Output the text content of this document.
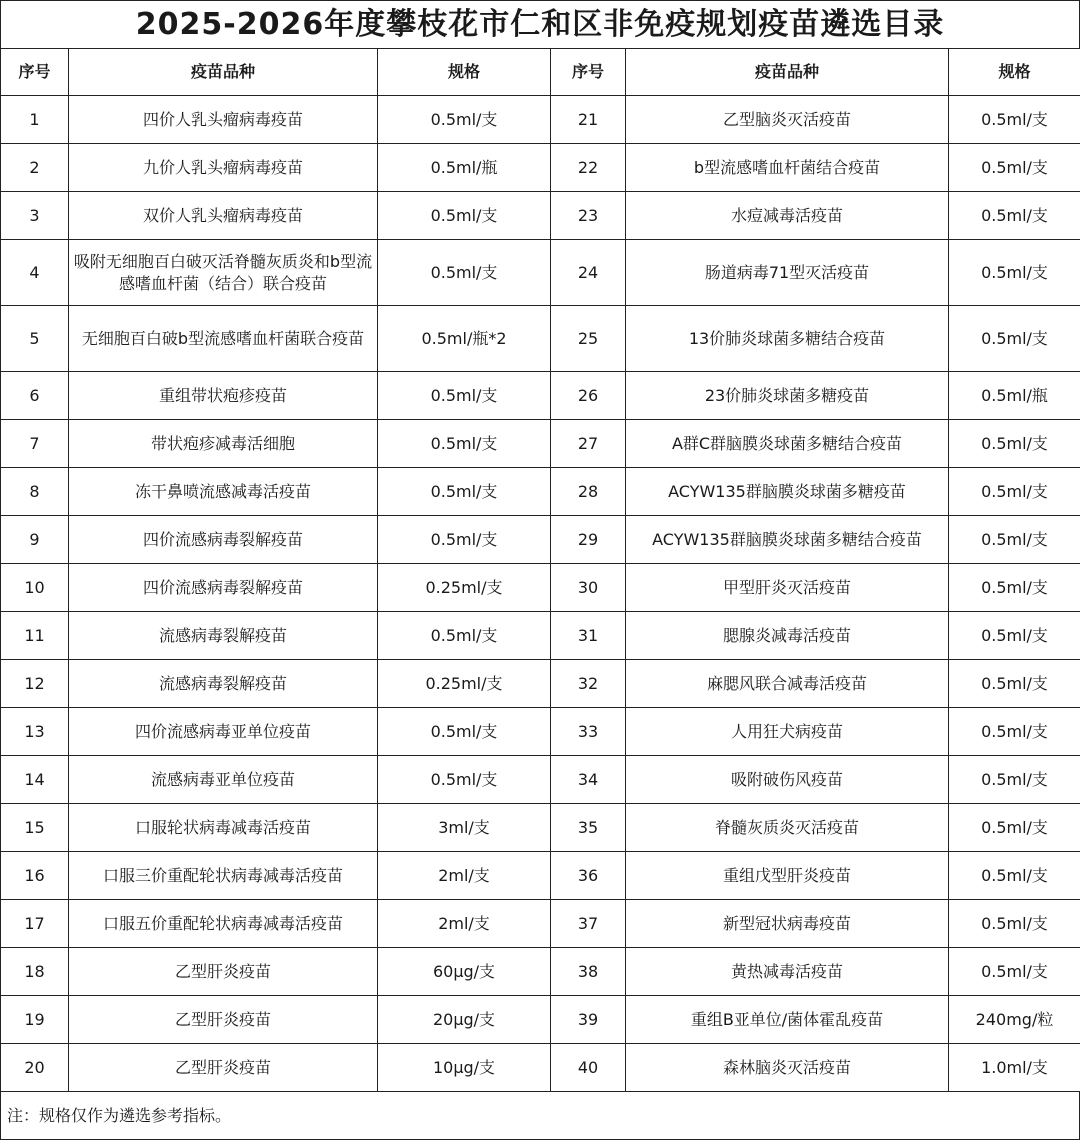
2025-2026年度攀枝花市仁和区非免疫规划疫苗遴选目录
序号	疫苗品种	规格	序号	疫苗品种	规格
1	四价人乳头瘤病毒疫苗	0.5ml/支	21	乙型脑炎灭活疫苗	0.5ml/支
2	九价人乳头瘤病毒疫苗	0.5ml/瓶	22	b型流感嗜血杆菌结合疫苗	0.5ml/支
3	双价人乳头瘤病毒疫苗	0.5ml/支	23	水痘减毒活疫苗	0.5ml/支
4	吸附无细胞百白破灭活脊髓灰质炎和b型流感嗜血杆菌（结合）联合疫苗	0.5ml/支	24	肠道病毒71型灭活疫苗	0.5ml/支
5	无细胞百白破b型流感嗜血杆菌联合疫苗	0.5ml/瓶*2	25	13价肺炎球菌多糖结合疫苗	0.5ml/支
6	重组带状疱疹疫苗	0.5ml/支	26	23价肺炎球菌多糖疫苗	0.5ml/瓶
7	带状疱疹减毒活细胞	0.5ml/支	27	A群C群脑膜炎球菌多糖结合疫苗	0.5ml/支
8	冻干鼻喷流感减毒活疫苗	0.5ml/支	28	ACYW135群脑膜炎球菌多糖疫苗	0.5ml/支
9	四价流感病毒裂解疫苗	0.5ml/支	29	ACYW135群脑膜炎球菌多糖结合疫苗	0.5ml/支
10	四价流感病毒裂解疫苗	0.25ml/支	30	甲型肝炎灭活疫苗	0.5ml/支
11	流感病毒裂解疫苗	0.5ml/支	31	腮腺炎减毒活疫苗	0.5ml/支
12	流感病毒裂解疫苗	0.25ml/支	32	麻腮风联合减毒活疫苗	0.5ml/支
13	四价流感病毒亚单位疫苗	0.5ml/支	33	人用狂犬病疫苗	0.5ml/支
14	流感病毒亚单位疫苗	0.5ml/支	34	吸附破伤风疫苗	0.5ml/支
15	口服轮状病毒减毒活疫苗	3ml/支	35	脊髓灰质炎灭活疫苗	0.5ml/支
16	口服三价重配轮状病毒减毒活疫苗	2ml/支	36	重组戊型肝炎疫苗	0.5ml/支
17	口服五价重配轮状病毒减毒活疫苗	2ml/支	37	新型冠状病毒疫苗	0.5ml/支
18	乙型肝炎疫苗	60μg/支	38	黄热减毒活疫苗	0.5ml/支
19	乙型肝炎疫苗	20μg/支	39	重组B亚单位/菌体霍乱疫苗	240mg/粒
20	乙型肝炎疫苗	10μg/支	40	森林脑炎灭活疫苗	1.0ml/支
注：规格仅作为遴选参考指标。
